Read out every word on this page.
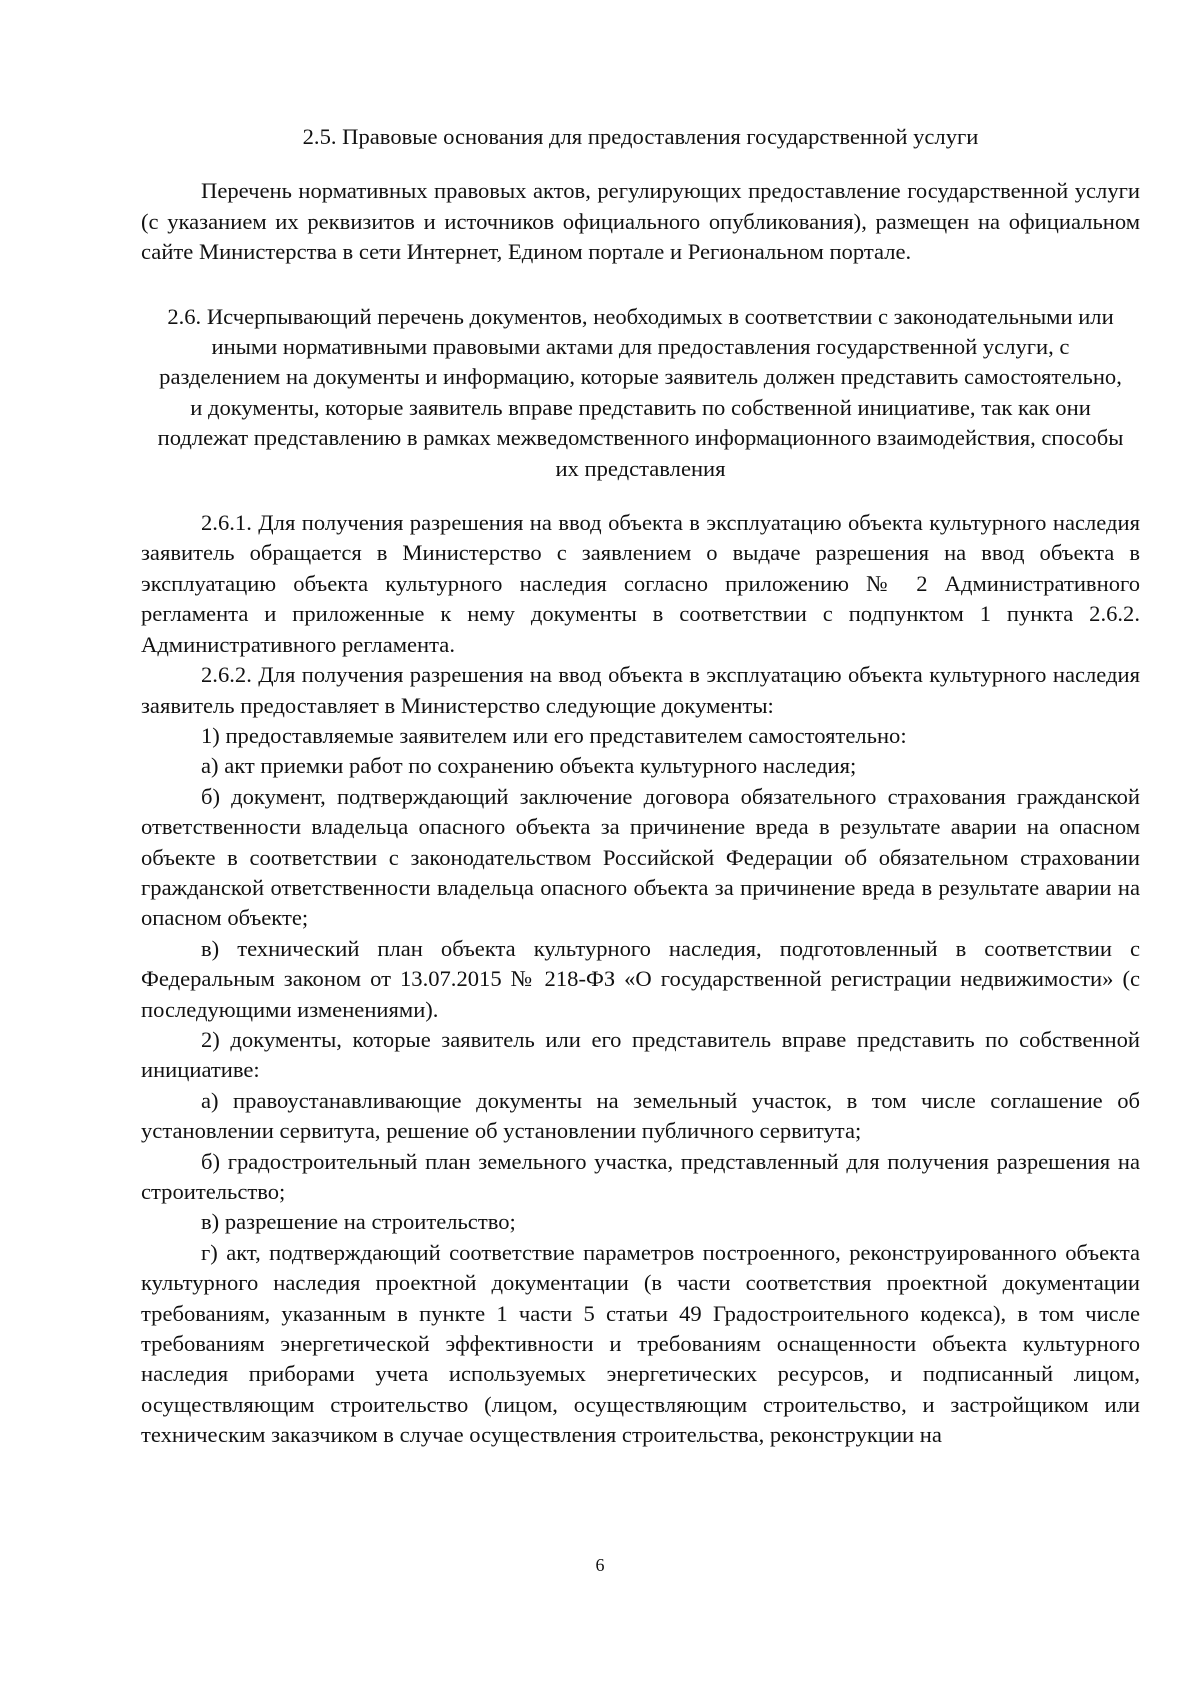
2.5. Правовые основания для предоставления государственной услуги

Перечень нормативных правовых актов, регулирующих предоставление государственной услуги (с указанием их реквизитов и источников официального опубликования), размещен на официальном сайте Министерства в сети Интернет, Едином портале и Региональном портале.

2.6. Исчерпывающий перечень документов, необходимых в соответствии с законодательными или иными нормативными правовыми актами для предоставления государственной услуги, с разделением на документы и информацию, которые заявитель должен представить самостоятельно, и документы, которые заявитель вправе представить по собственной инициативе, так как они подлежат представлению в рамках межведомственного информационного взаимодействия, способы их представления

2.6.1. Для получения разрешения на ввод объекта в эксплуатацию объекта культурного наследия заявитель обращается в Министерство с заявлением о выдаче разрешения на ввод объекта в эксплуатацию объекта культурного наследия согласно приложению № 2 Административного регламента и приложенные к нему документы в соответствии с подпунктом 1 пункта 2.6.2. Административного регламента.

2.6.2. Для получения разрешения на ввод объекта в эксплуатацию объекта культурного наследия заявитель предоставляет в Министерство следующие документы:

1) предоставляемые заявителем или его представителем самостоятельно:

а) акт приемки работ по сохранению объекта культурного наследия;

б) документ, подтверждающий заключение договора обязательного страхования гражданской ответственности владельца опасного объекта за причинение вреда в результате аварии на опасном объекте в соответствии с законодательством Российской Федерации об обязательном страховании гражданской ответственности владельца опасного объекта за причинение вреда в результате аварии на опасном объекте;

в) технический план объекта культурного наследия, подготовленный в соответствии с Федеральным законом от 13.07.2015 № 218-ФЗ «О государственной регистрации недвижимости» (с последующими изменениями).

2) документы, которые заявитель или его представитель вправе представить по собственной инициативе:

а) правоустанавливающие документы на земельный участок, в том числе соглашение об установлении сервитута, решение об установлении публичного сервитута;

б) градостроительный план земельного участка, представленный для получения разрешения на строительство;

в) разрешение на строительство;

г) акт, подтверждающий соответствие параметров построенного, реконструированного объекта культурного наследия проектной документации (в части соответствия проектной документации требованиям, указанным в пункте 1 части 5 статьи 49 Градостроительного кодекса), в том числе требованиям энергетической эффективности и требованиям оснащенности объекта культурного наследия приборами учета используемых энергетических ресурсов, и подписанный лицом, осуществляющим строительство (лицом, осуществляющим строительство, и застройщиком или техническим заказчиком в случае осуществления строительства, реконструкции на

6
